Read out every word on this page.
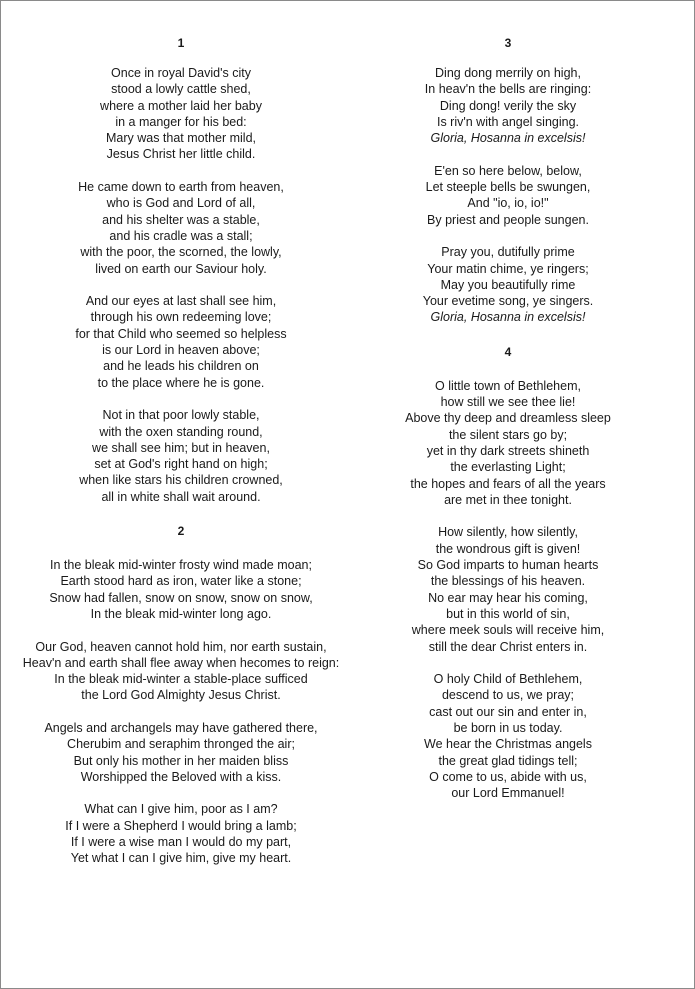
1
Once in royal David's city
stood a lowly cattle shed,
where a mother laid her baby
in a manger for his bed:
Mary was that mother mild,
Jesus Christ her little child.
He came down to earth from heaven,
who is God and Lord of all,
and his shelter was a stable,
and his cradle was a stall;
with the poor, the scorned, the lowly,
lived on earth our Saviour holy.
And our eyes at last shall see him,
through his own redeeming love;
for that Child who seemed so helpless
is our Lord in heaven above;
and he leads his children on
to the place where he is gone.
Not in that poor lowly stable,
with the oxen standing round,
we shall see him; but in heaven,
set at God's right hand on high;
when like stars his children crowned,
all in white shall wait around.
2
In the bleak mid-winter frosty wind made moan;
Earth stood hard as iron, water like a stone;
Snow had fallen, snow on snow, snow on snow,
In the bleak mid-winter long ago.
Our God, heaven cannot hold him, nor earth sustain,
Heav'n and earth shall flee away when hecomes to reign:
In the bleak mid-winter a stable-place sufficed
the Lord God Almighty Jesus Christ.
Angels and archangels may have gathered there,
Cherubim and seraphim thronged the air;
But only his mother in her maiden bliss
Worshipped the Beloved with a kiss.
What can I give him, poor as I am?
If I were a Shepherd I would bring a lamb;
If I were a wise man I would do my part,
Yet what I can I give him, give my heart.
3
Ding dong merrily on high,
In heav'n the bells are ringing:
Ding dong! verily the sky
Is riv'n with angel singing.
Gloria, Hosanna in excelsis!
E'en so here below, below,
Let steeple bells be swungen,
And "io, io, io!"
By priest and people sungen.
Pray you, dutifully prime
Your matin chime, ye ringers;
May you beautifully rime
Your evetime song, ye singers.
Gloria, Hosanna in excelsis!
4
O little town of Bethlehem,
how still we see thee lie!
Above thy deep and dreamless sleep
the silent stars go by;
yet in thy dark streets shineth
the everlasting Light;
the hopes and fears of all the years
are met in thee tonight.
How silently, how silently,
the wondrous gift is given!
So God imparts to human hearts
the blessings of his heaven.
No ear may hear his coming,
but in this world of sin,
where meek souls will receive him,
still the dear Christ enters in.
O holy Child of Bethlehem,
descend to us, we pray;
cast out our sin and enter in,
be born in us today.
We hear the Christmas angels
the great glad tidings tell;
O come to us, abide with us,
our Lord Emmanuel!
